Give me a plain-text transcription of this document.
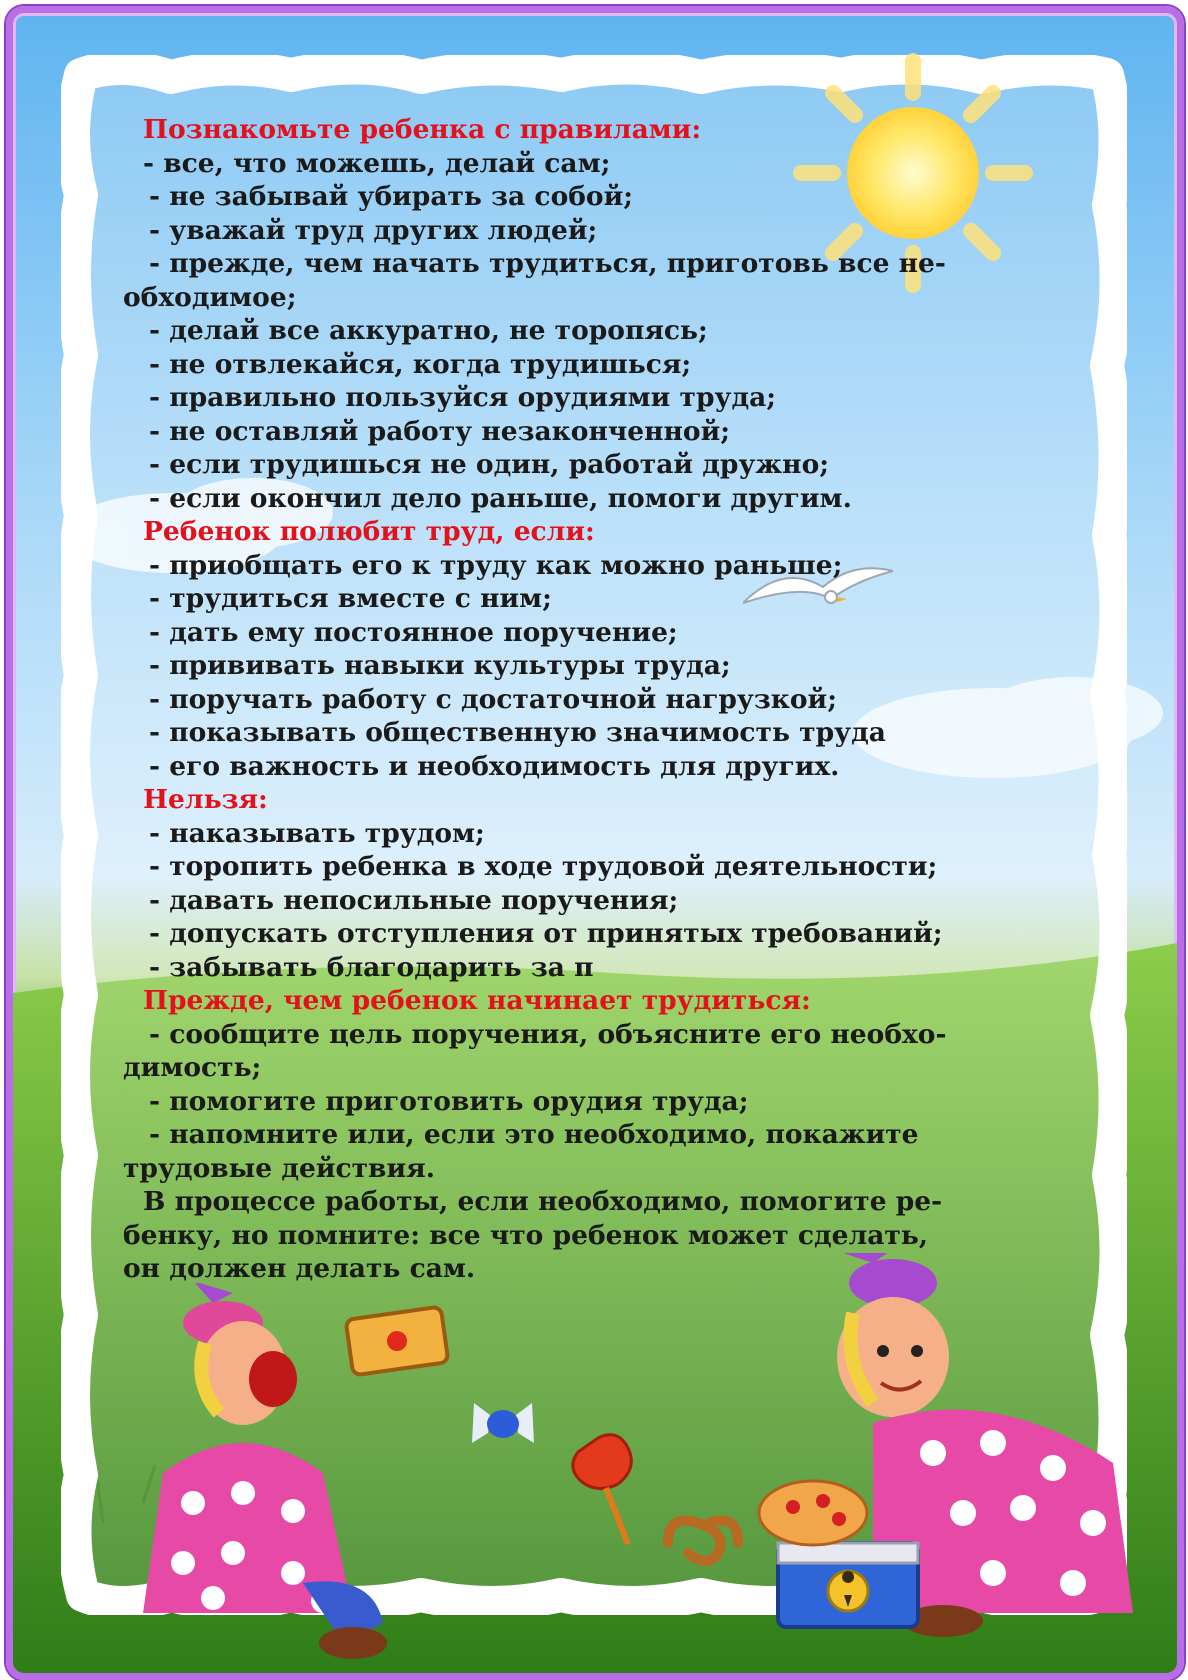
Познакомьте ребенка с правилами:
- все, что можешь, делай сам;
- не забывай убирать за собой;
- уважай труд других людей;
- прежде, чем начать трудиться, приготовь все не-
обходимое;
- делай все аккуратно, не торопясь;
- не отвлекайся, когда трудишься;
- правильно пользуйся орудиями труда;
- не оставляй работу незаконченной;
- если трудишься не один, работай дружно;
- если окончил дело раньше, помоги другим.
Ребенок полюбит труд, если:
- приобщать его к труду как можно раньше;
- трудиться вместе с ним;
- дать ему постоянное поручение;
- прививать навыки культуры труда;
- поручать работу с достаточной нагрузкой;
- показывать общественную значимость труда
- его важность и необходимость для других.
Нельзя:
- наказывать трудом;
- торопить ребенка в ходе трудовой деятельности;
- давать непосильные поручения;
- допускать отступления от принятых требований;
- забывать благодарить за п
Прежде, чем ребенок начинает трудиться:
- сообщите цель поручения, объясните его необхо-
димость;
- помогите приготовить орудия труда;
- напомните или, если это необходимо, покажите
трудовые действия.
В процессе работы, если необходимо, помогите ре-
бенку, но помните: все что ребенок может сделать,
он должен делать сам.
